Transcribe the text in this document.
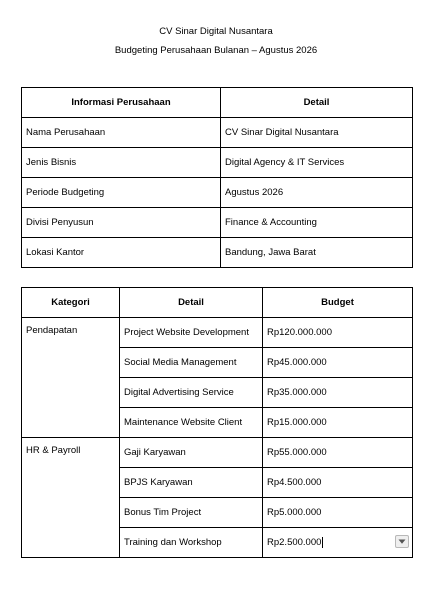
CV Sinar Digital Nusantara
Budgeting Perusahaan Bulanan – Agustus 2026
Informasi Perusahaan	Detail
Nama Perusahaan	CV Sinar Digital Nusantara
Jenis Bisnis	Digital Agency & IT Services
Periode Budgeting	Agustus 2026
Divisi Penyusun	Finance & Accounting
Lokasi Kantor	Bandung, Jawa Barat
Kategori	Detail	Budget
Pendapatan	Project Website Development	Rp120.000.000
	Social Media Management	Rp45.000.000
	Digital Advertising Service	Rp35.000.000
	Maintenance Website Client	Rp15.000.000
HR & Payroll	Gaji Karyawan	Rp55.000.000
	BPJS Karyawan	Rp4.500.000
	Bonus Tim Project	Rp5.000.000
	Training dan Workshop	Rp2.500.000
